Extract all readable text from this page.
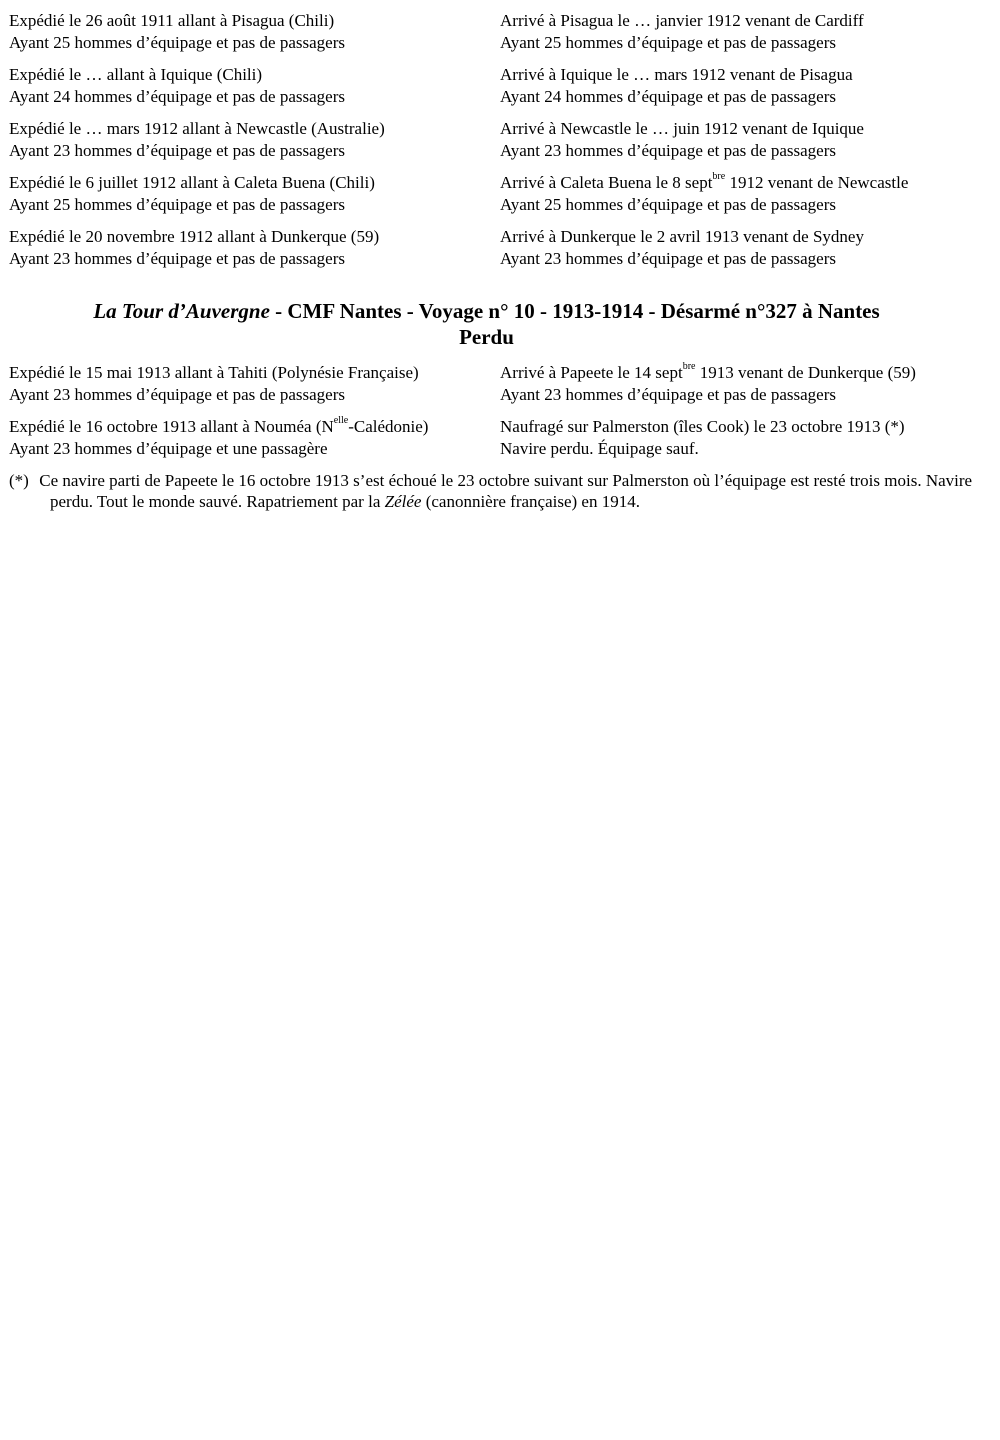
Expédié le 26 août 1911 allant à Pisagua (Chili)
Ayant 25 hommes d’équipage et pas de passagers
Arrivé à Pisagua le … janvier 1912 venant de Cardiff
Ayant 25 hommes d’équipage et pas de passagers
Expédié le … allant à Iquique (Chili)
Ayant 24 hommes d’équipage et pas de passagers
Arrivé à Iquique le … mars 1912 venant de Pisagua
Ayant 24 hommes d’équipage et pas de passagers
Expédié le … mars 1912 allant à Newcastle (Australie)
Ayant 23 hommes d’équipage et pas de passagers
Arrivé à Newcastle le … juin 1912 venant de Iquique
Ayant 23 hommes d’équipage et pas de passagers
Expédié le 6 juillet 1912 allant à Caleta Buena (Chili)
Ayant 25 hommes d’équipage et pas de passagers
Arrivé à Caleta Buena le 8 sept$^{bre}$ 1912 venant de Newcastle
Ayant 25 hommes d’équipage et pas de passagers
Expédié le 20 novembre 1912 allant à Dunkerque (59)
Ayant 23 hommes d’équipage et pas de passagers
Arrivé à Dunkerque le 2 avril 1913 venant de Sydney
Ayant 23 hommes d’équipage et pas de passagers
La Tour d’Auvergne - CMF Nantes - Voyage n° 10 - 1913-1914 - Désarmé n°327 à Nantes
Perdu
Expédié le 15 mai 1913 allant à Tahiti (Polynésie Française)
Ayant 23 hommes d’équipage et pas de passagers
Arrivé à Papeete le 14 sept$^{bre}$ 1913 venant de Dunkerque (59)
Ayant 23 hommes d’équipage et pas de passagers
Expédié le 16 octobre 1913 allant à Nouméa $(N^{elle}-Calédonie)$
Ayant 23 hommes d’équipage et une passagère
Naufragé sur Palmerston (îles Cook) le 23 octobre 1913 (*)
Navire perdu. Équipage sauf.
(*) Ce navire parti de Papeete le 16 octobre 1913 s’est échoué le 23 octobre suivant sur Palmerston où l’équipage est resté trois mois. Navire perdu. Tout le monde sauvé. Rapatriement par la Zélée (canonnière française) en 1914.
